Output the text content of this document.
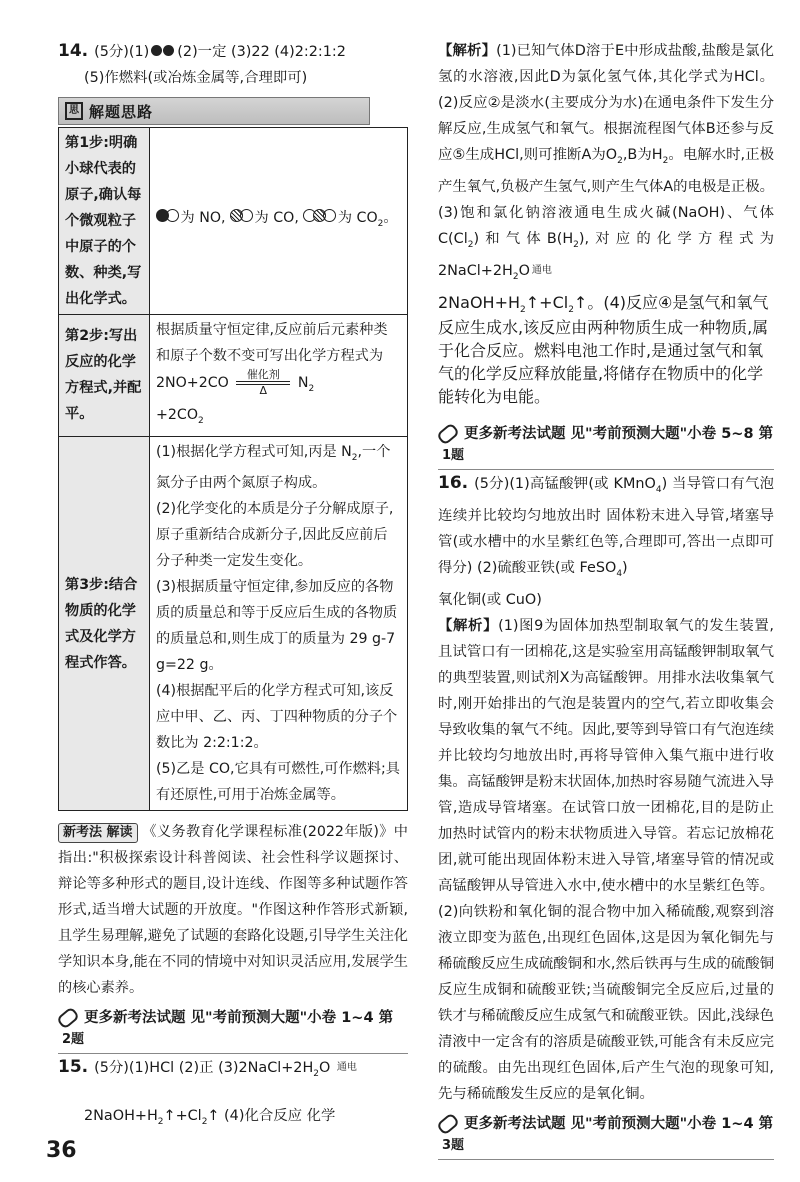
14. (5分)(1) (2)一定 (3)22 (4)2:2:1:2

(5)作燃料(或冶炼金属等,合理即可)

思 解题思路
第1步:明确小球代表的原子,确认每个微观粒子中原子的个数、种类,写出化学式。	为 NO, 为 CO, 为 $CO_2$。
第2步:写出反应的化学方程式,并配平。	根据质量守恒定律,反应前后元素种类和原子个数不变可写出化学方程式为 2NO+2CO 催化剂
Δ $N_2$
$+2CO_2$
第3步:结合物质的化学式及化学方程式作答。	(1)根据化学方程式可知,丙是 $N_2$,一个氮分子由两个氮原子构成。
(2)化学变化的本质是分子分解成原子,原子重新结合成新分子,因此反应前后分子种类一定发生变化。
(3)根据质量守恒定律,参加反应的各物质的质量总和等于反应后生成的各物质的质量总和,则生成丁的质量为 29 g-7 g=22 g。
(4)根据配平后的化学方程式可知,该反应中甲、乙、丙、丁四种物质的分子个数比为 2:2:1:2。
(5)乙是 CO,它具有可燃性,可作燃料;具有还原性,可用于冶炼金属等。
新考法 解读 《义务教育化学课程标准(2022年版)》中指出:"积极探索设计科普阅读、社会性科学议题探讨、辩论等多种形式的题目,设计连线、作图等多种试题作答形式,适当增大试题的开放度。"作图这种作答形式新颖,且学生易理解,避免了试题的套路化设题,引导学生关注化学知识本身,能在不同的情境中对知识灵活应用,发展学生的核心素养。
更多新考法试题 见"考前预测大题"小卷 1~4 第
2题

15. (5分)(1)HCl (2)正 $(3)2NaCl+2H_2O$ 通电

$2NaOH+H_2↑+Cl_2↑$ (4)化合反应 化学

【解析】(1)已知气体D溶于E中形成盐酸,盐酸是氯化氢的水溶液,因此D为氯化氢气体,其化学式为HCl。(2)反应②是淡水(主要成分为水)在通电条件下发生分解反应,生成氢气和氧气。根据流程图气体B还参与反应⑤生成HCl,则可推断A为$O_2,B$为$H_2$。电解水时,正极产生氧气,负极产生氢气,则产生气体A的电极是正极。(3)饱和氯化钠溶液通电生成火碱(NaOH)、气体$C(Cl_2)$和气体$B(H_2)$,对应的化学方程式为 $2NaCl+2H_2O$ 通电

$2NaOH+H_2↑+Cl_2↑$。(4)反应④是氢气和氧气反应生成水,该反应由两种物质生成一种物质,属于化合反应。燃料电池工作时,是通过氢气和氧气的化学反应释放能量,将储存在物质中的化学能转化为电能。

更多新考法试题 见"考前预测大题"小卷 5~8 第
1题

16. (5分)(1)高锰酸钾(或 KMnO$_4$) 当导管口有气泡连续并比较均匀地放出时 固体粉末进入导管,堵塞导管(或水槽中的水呈紫红色等,合理即可,答出一点即可得分) (2)硫酸亚铁(或 FeSO$_4$)
氧化铜(或 CuO)

【解析】(1)图9为固体加热型制取氧气的发生装置,且试管口有一团棉花,这是实验室用高锰酸钾制取氧气的典型装置,则试剂X为高锰酸钾。用排水法收集氧气时,刚开始排出的气泡是装置内的空气,若立即收集会导致收集的氧气不纯。因此,要等到导管口有气泡连续并比较均匀地放出时,再将导管伸入集气瓶中进行收集。高锰酸钾是粉末状固体,加热时容易随气流进入导管,造成导管堵塞。在试管口放一团棉花,目的是防止加热时试管内的粉末状物质进入导管。若忘记放棉花团,就可能出现固体粉末进入导管,堵塞导管的情况或高锰酸钾从导管进入水中,使水槽中的水呈紫红色等。(2)向铁粉和氧化铜的混合物中加入稀硫酸,观察到溶液立即变为蓝色,出现红色固体,这是因为氧化铜先与稀硫酸反应生成硫酸铜和水,然后铁再与生成的硫酸铜反应生成铜和硫酸亚铁;当硫酸铜完全反应后,过量的铁才与稀硫酸反应生成氢气和硫酸亚铁。因此,浅绿色清液中一定含有的溶质是硫酸亚铁,可能含有未反应完的硫酸。由先出现红色固体,后产生气泡的现象可知,先与稀硫酸发生反应的是氧化铜。

更多新考法试题 见"考前预测大题"小卷 1~4 第
3题
36
